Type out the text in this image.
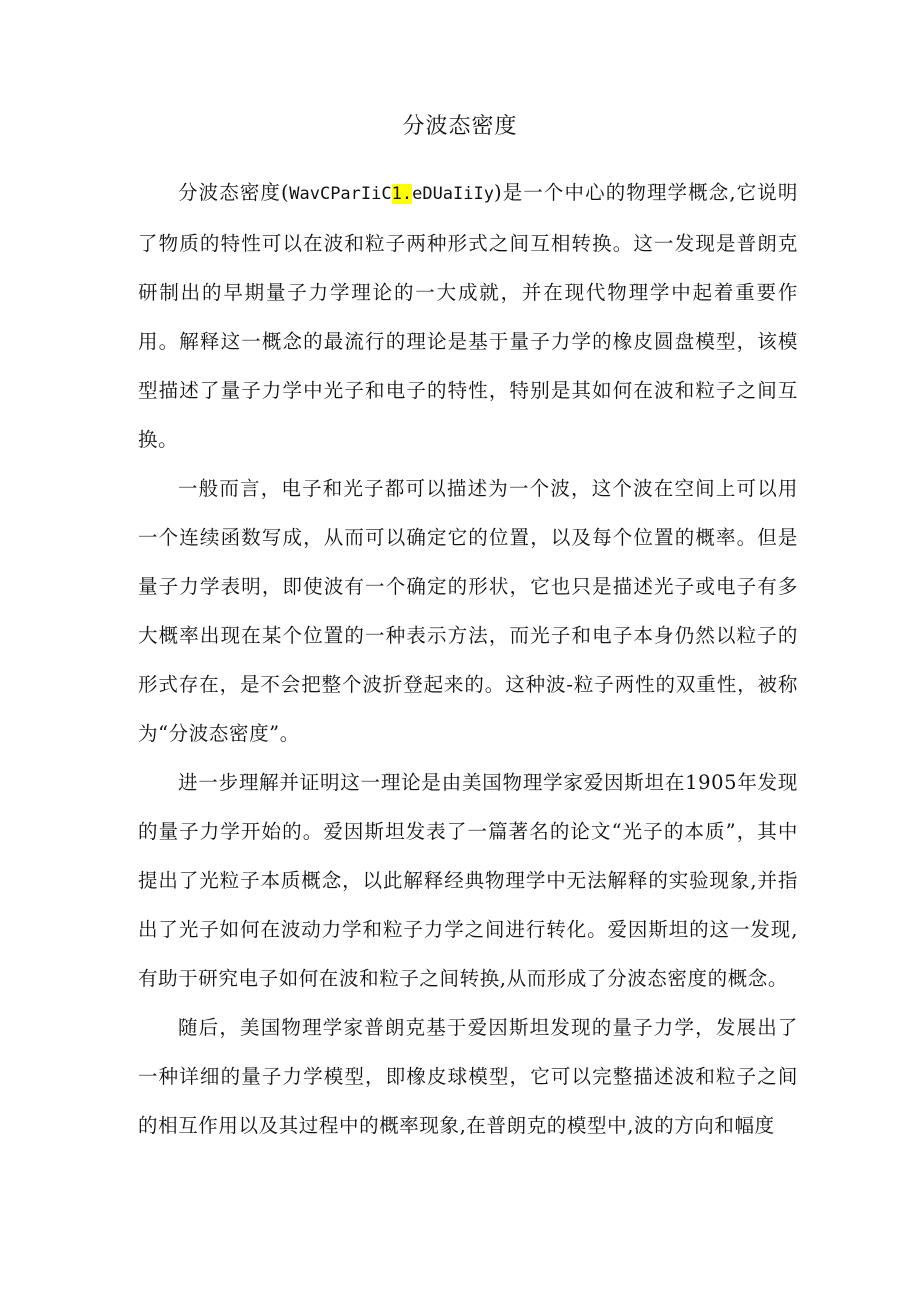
分波态密度

分波态密度(WavCParIiC1.eDUaIiIy)是一个中心的物理学概念,它说明了物质的特性可以在波和粒子两种形式之间互相转换。这一发现是普朗克研制出的早期量子力学理论的一大成就，并在现代物理学中起着重要作用。解释这一概念的最流行的理论是基于量子力学的橡皮圆盘模型，该模型描述了量子力学中光子和电子的特性，特别是其如何在波和粒子之间互换。

一般而言，电子和光子都可以描述为一个波，这个波在空间上可以用一个连续函数写成，从而可以确定它的位置，以及每个位置的概率。但是量子力学表明，即使波有一个确定的形状，它也只是描述光子或电子有多大概率出现在某个位置的一种表示方法，而光子和电子本身仍然以粒子的形式存在，是不会把整个波折登起来的。这种波-粒子两性的双重性，被称为“分波态密度”。

进一步理解并证明这一理论是由美国物理学家爱因斯坦在1905年发现的量子力学开始的。爱因斯坦发表了一篇著名的论文“光子的本质”，其中提出了光粒子本质概念，以此解释经典物理学中无法解释的实验现象,并指出了光子如何在波动力学和粒子力学之间进行转化。爱因斯坦的这一发现,有助于研究电子如何在波和粒子之间转换,从而形成了分波态密度的概念。

随后，美国物理学家普朗克基于爱因斯坦发现的量子力学，发展出了一种详细的量子力学模型，即橡皮球模型，它可以完整描述波和粒子之间的相互作用以及其过程中的概率现象,在普朗克的模型中,波的方向和幅度
